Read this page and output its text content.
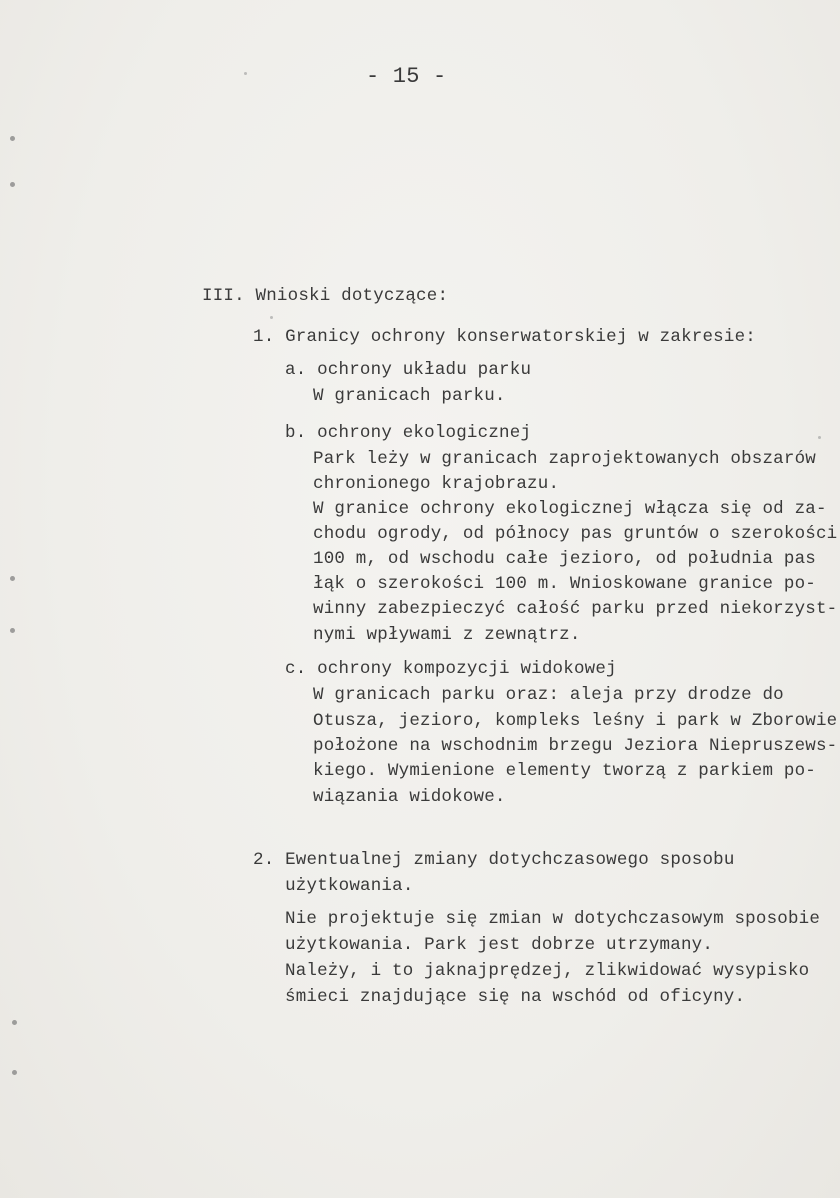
- 15 -
III. Wnioski dotyczące:
1. Granicy ochrony konserwatorskiej w zakresie:
a. ochrony układu parku
W granicach parku.
b. ochrony ekologicznej
Park leży w granicach zaprojektowanych obszarów
chronionego krajobrazu.
W granice ochrony ekologicznej włącza się od za-
chodu ogrody, od północy pas gruntów o szerokości
100 m, od wschodu całe jezioro, od południa pas
łąk o szerokości 100 m. Wnioskowane granice po-
winny zabezpieczyć całość parku przed niekorzyst-
nymi wpływami z zewnątrz.
c. ochrony kompozycji widokowej
W granicach parku oraz: aleja przy drodze do
Otusza, jezioro, kompleks leśny i park w Zborowie
położone na wschodnim brzegu Jeziora Niepruszews-
kiego. Wymienione elementy tworzą z parkiem po-
wiązania widokowe.
2. Ewentualnej zmiany dotychczasowego sposobu
użytkowania.
Nie projektuje się zmian w dotychczasowym sposobie
użytkowania. Park jest dobrze utrzymany.
Należy, i to jaknajprędzej, zlikwidować wysypisko
śmieci znajdujące się na wschód od oficyny.
